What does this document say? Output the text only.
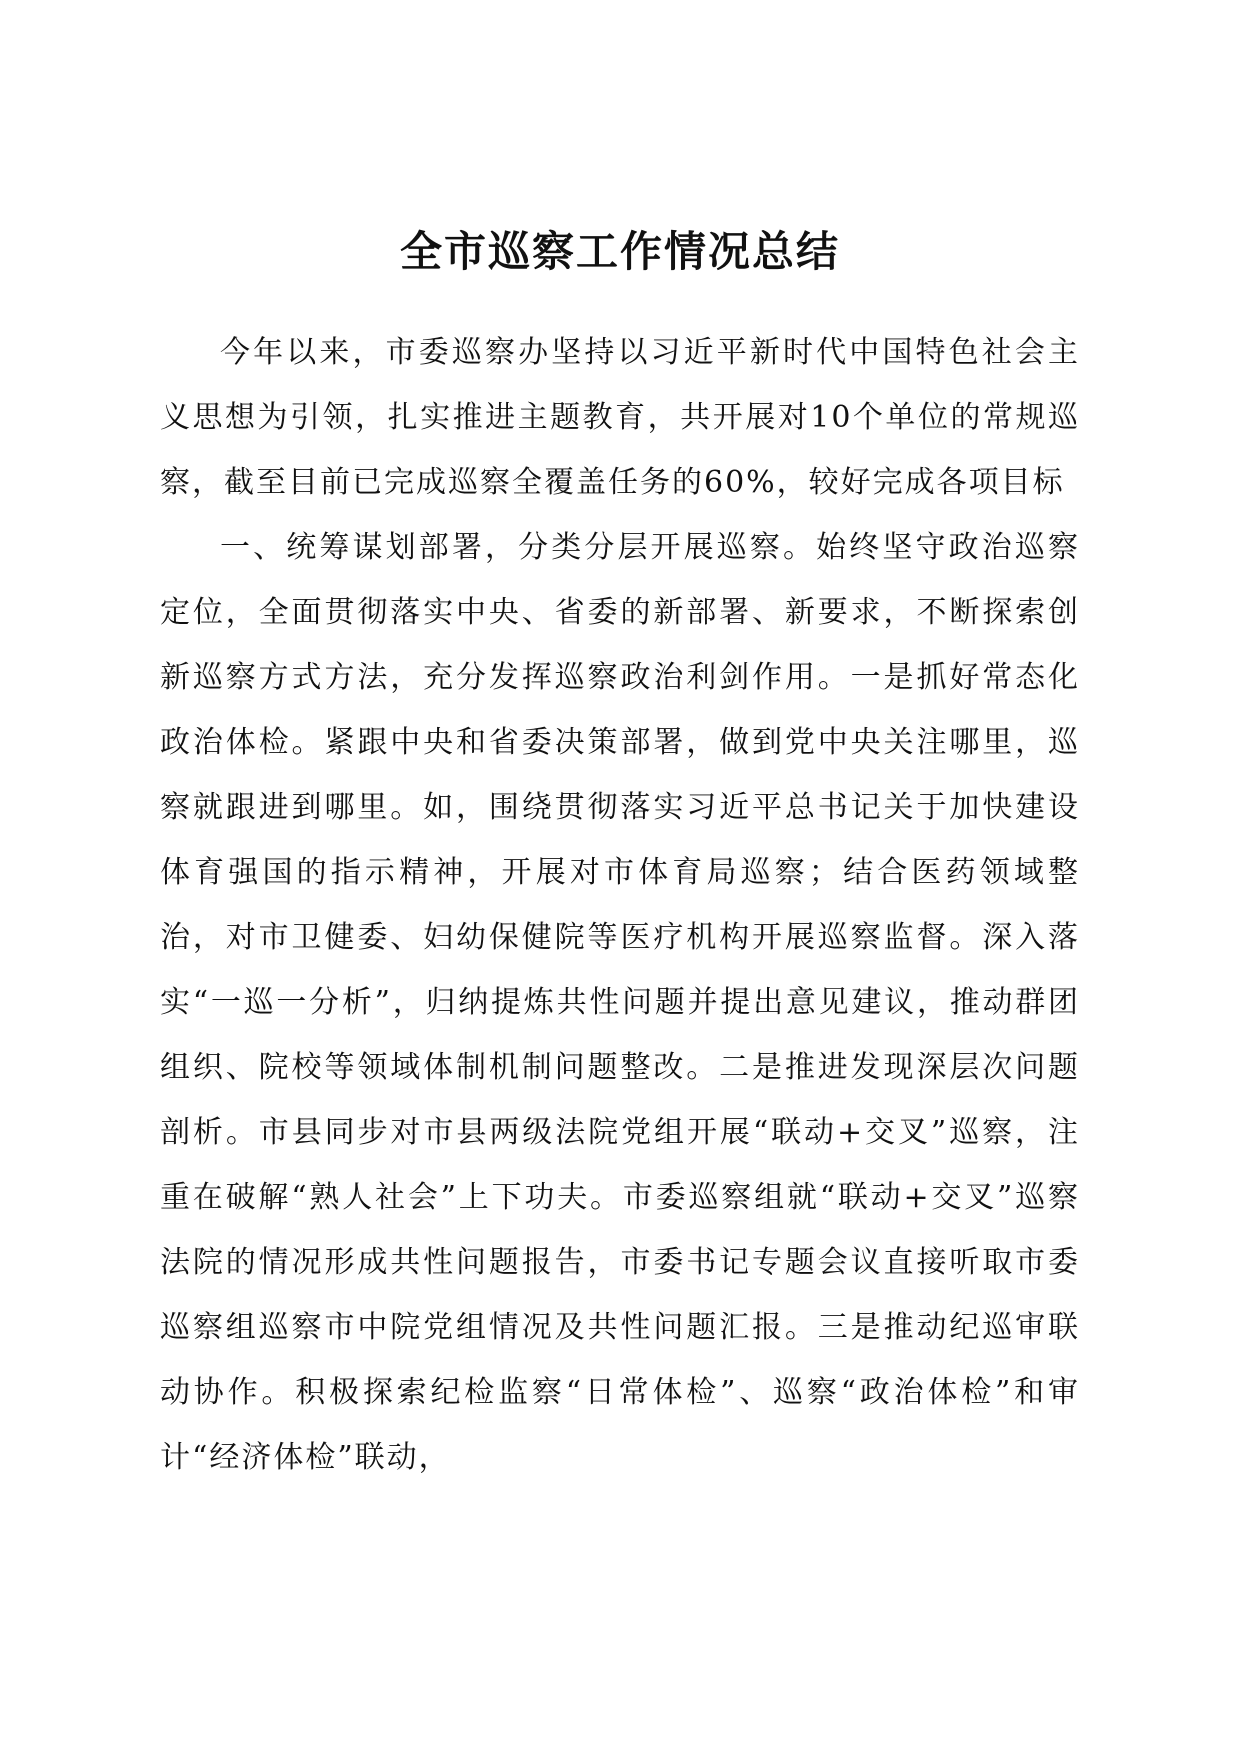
全市巡察工作情况总结

今年以来，市委巡察办坚持以习近平新时代中国特色社会主义思想为引领，扎实推进主题教育，共开展对10个单位的常规巡察，截至目前已完成巡察全覆盖任务的60%，较好完成各项目标

一、统筹谋划部署，分类分层开展巡察。始终坚守政治巡察定位，全面贯彻落实中央、省委的新部署、新要求，不断探索创新巡察方式方法，充分发挥巡察政治利剑作用。一是抓好常态化政治体检。紧跟中央和省委决策部署，做到党中央关注哪里，巡察就跟进到哪里。如，围绕贯彻落实习近平总书记关于加快建设体育强国的指示精神，开展对市体育局巡察；结合医药领域整治，对市卫健委、妇幼保健院等医疗机构开展巡察监督。深入落实“一巡一分析”，归纳提炼共性问题并提出意见建议，推动群团组织、院校等领域体制机制问题整改。二是推进发现深层次问题剖析。市县同步对市县两级法院党组开展“联动+交叉”巡察，注重在破解“熟人社会”上下功夫。市委巡察组就“联动+交叉”巡察法院的情况形成共性问题报告，市委书记专题会议直接听取市委巡察组巡察市中院党组情况及共性问题汇报。三是推动纪巡审联动协作。积极探索纪检监察“日常体检”、巡察“政治体检”和审计“经济体检”联动，
